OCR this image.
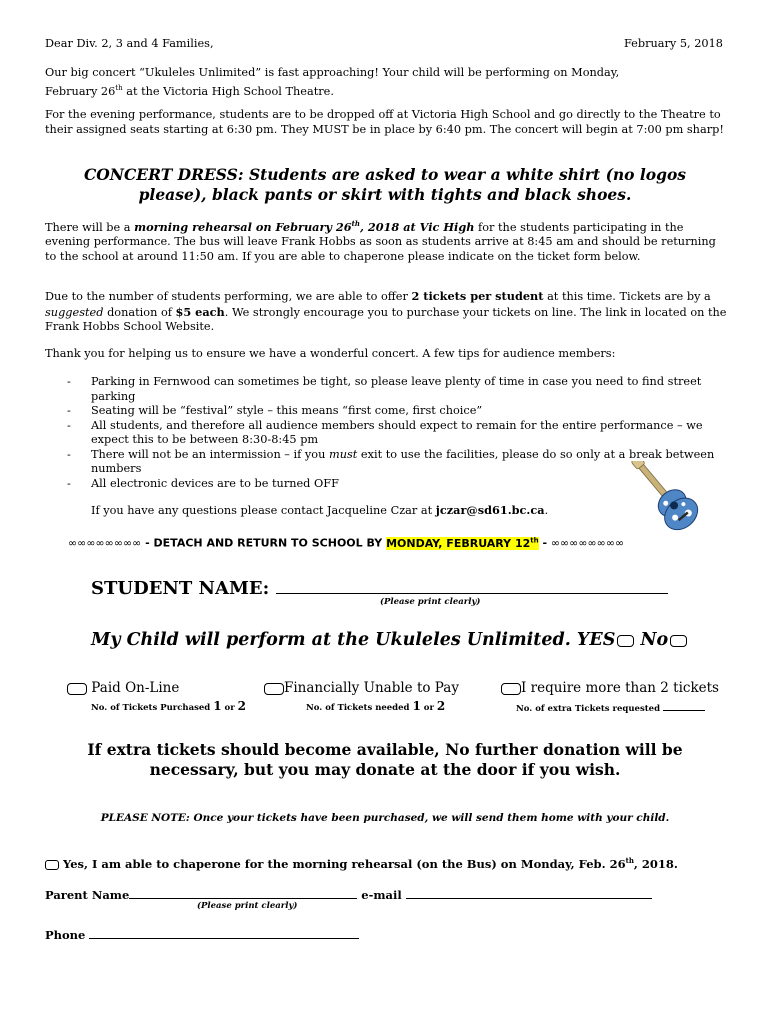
Dear Div. 2, 3 and 4 Families,	February 5, 2018
Our big concert “Ukuleles Unlimited” is fast approaching! Your child will be performing on Monday,
February 26th at the Victoria High School Theatre.
For the evening performance, students are to be dropped off at Victoria High School and go directly to the Theatre to their assigned seats starting at 6:30 pm. They MUST be in place by 6:40 pm. The concert will begin at 7:00 pm sharp!
CONCERT DRESS: Students are asked to wear a white shirt (no logos please), black pants or skirt with tights and black shoes.
There will be a morning rehearsal on February 26th, 2018 at Vic High for the students participating in the evening performance. The bus will leave Frank Hobbs as soon as students arrive at 8:45 am and should be returning to the school at around 11:50 am. If you are able to chaperone please indicate on the ticket form below.
Due to the number of students performing, we are able to offer 2 tickets per student at this time. Tickets are by a suggested donation of $5 each. We strongly encourage you to purchase your tickets on line. The link in located on the Frank Hobbs School Website.
Thank you for helping us to ensure we have a wonderful concert. A few tips for audience members:
- Parking in Fernwood can sometimes be tight, so please leave plenty of time in case you need to find street parking
- Seating will be “festival” style – this means “first come, first choice”
- All students, and therefore all audience members should expect to remain for the entire performance – we expect this to be between 8:30-8:45 pm
- There will not be an intermission – if you must exit to use the facilities, please do so only at a break between numbers
- All electronic devices are to be turned OFF
If you have any questions please contact Jacqueline Czar at jczar@sd61.bc.ca.
∞∞∞∞∞∞∞∞ - DETACH AND RETURN TO SCHOOL BY MONDAY, FEBRUARY 12th - ∞∞∞∞∞∞∞∞
STUDENT NAME:
(Please print clearly)
My Child will perform at the Ukuleles Unlimited. YES No
Paid On-Line
No. of Tickets Purchased 1 or 2
Financially Unable to Pay
No. of Tickets needed 1 or 2
I require more than 2 tickets
No. of extra Tickets requested
If extra tickets should become available, No further donation will be
necessary, but you may donate at the door if you wish.
PLEASE NOTE: Once your tickets have been purchased, we will send them home with your child.
Yes, I am able to chaperone for the morning rehearsal (on the Bus) on Monday, Feb. 26th, 2018.
Parent Name	e-mail
(Please print clearly)
Phone
